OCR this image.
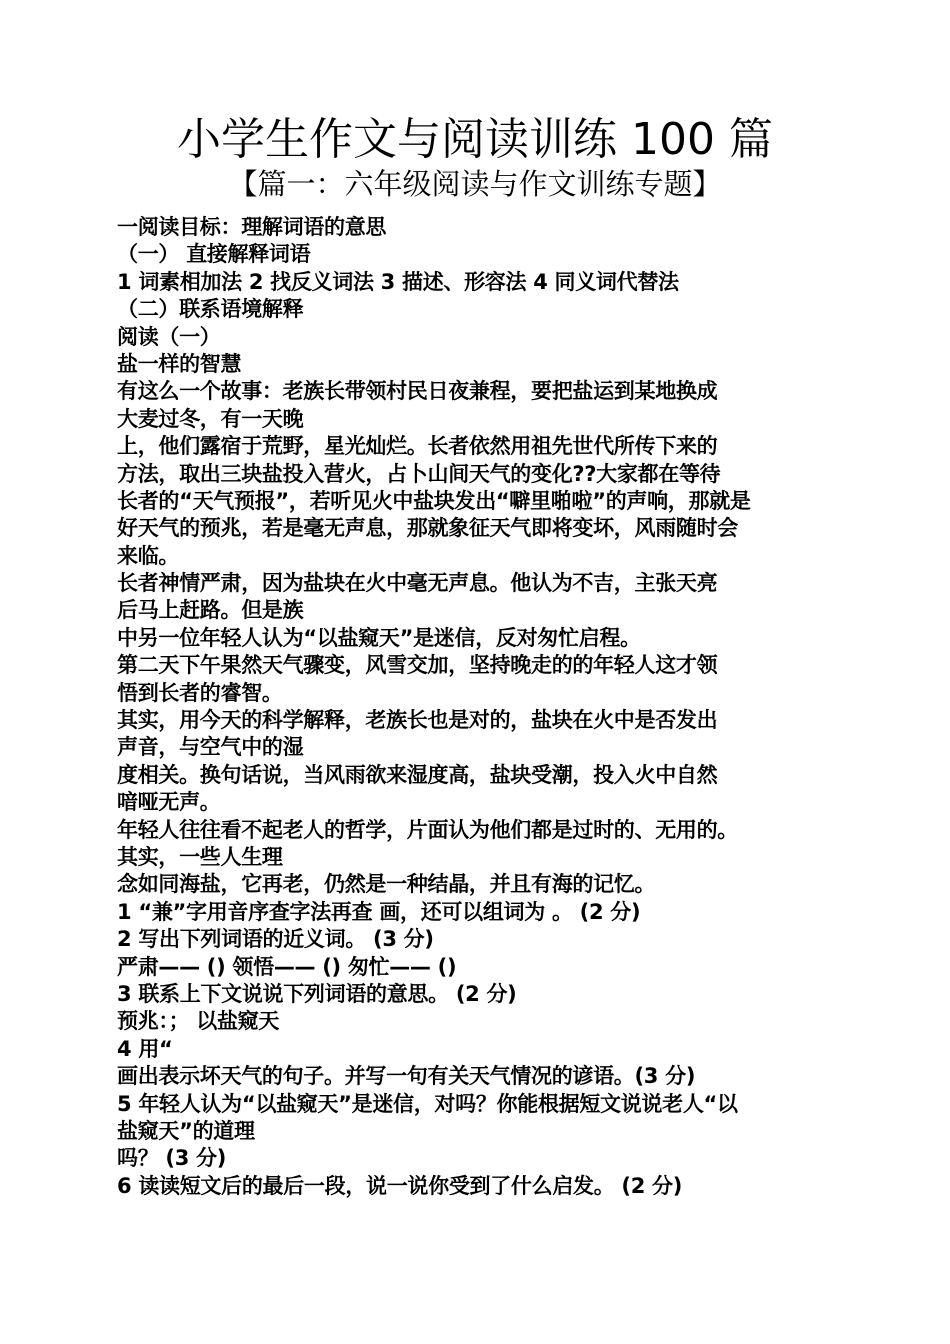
小学生作文与阅读训练 100 篇
【篇一：六年级阅读与作文训练专题】
一阅读目标：理解词语的意思
（一） 直接解释词语
1 词素相加法 2 找反义词法 3 描述、形容法 4 同义词代替法
（二）联系语境解释
阅读（一）
盐一样的智慧
有这么一个故事：老族长带领村民日夜兼程，要把盐运到某地换成
大麦过冬，有一天晚
上，他们露宿于荒野，星光灿烂。长者依然用祖先世代所传下来的
方法，取出三块盐投入营火，占卜山间天气的变化??大家都在等待
长者的“天气预报”，若听见火中盐块发出“噼里啪啦”的声响，那就是
好天气的预兆，若是毫无声息，那就象征天气即将变坏，风雨随时会
来临。
长者神情严肃，因为盐块在火中毫无声息。他认为不吉，主张天亮
后马上赶路。但是族
中另一位年轻人认为“以盐窥天”是迷信，反对匆忙启程。
第二天下午果然天气骤变，风雪交加，坚持晚走的的年轻人这才领
悟到长者的睿智。
其实，用今天的科学解释，老族长也是对的，盐块在火中是否发出
声音，与空气中的湿
度相关。换句话说，当风雨欲来湿度高，盐块受潮，投入火中自然
喑哑无声。
年轻人往往看不起老人的哲学，片面认为他们都是过时的、无用的。
其实，一些人生理
念如同海盐，它再老，仍然是一种结晶，并且有海的记忆。
1 “兼”字用音序查字法再查 画，还可以组词为 。 (2 分)
2 写出下列词语的近义词。 (3 分)
严肃—— () 领悟—— () 匆忙—— ()
3 联系上下文说说下列词语的意思。 (2 分)
预兆：； 以盐窥天
4 用“
画出表示坏天气的句子。并写一句有关天气情况的谚语。(3 分)
5 年轻人认为“以盐窥天”是迷信，对吗？你能根据短文说说老人“以
盐窥天”的道理
吗？ (3 分)
6 读读短文后的最后一段，说一说你受到了什么启发。 (2 分)
